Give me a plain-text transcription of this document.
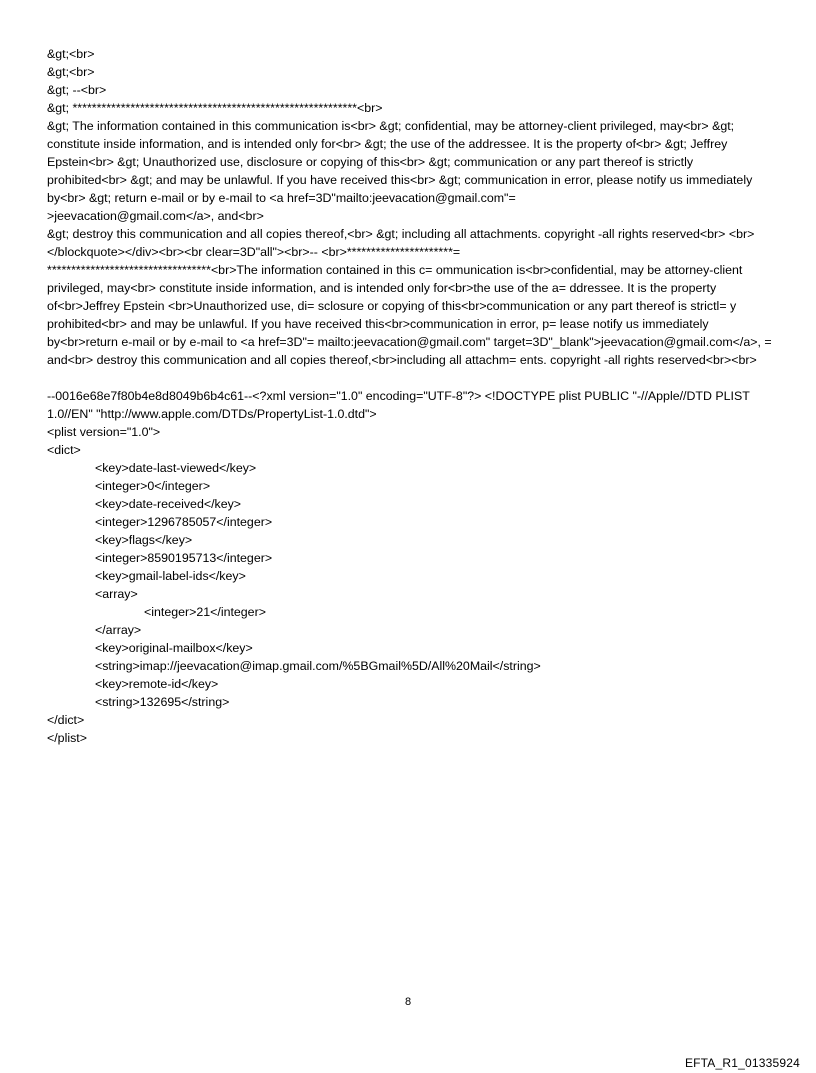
&gt;<br>

&gt;<br>

&gt; --<br>

&gt; ***********************************************************<br>

&gt; The information contained in this communication is<br> &gt; confidential, may be attorney-client privileged, may<br> &gt; constitute inside information, and is intended only for<br> &gt; the use of the addressee. It is the property of<br> &gt; Jeffrey Epstein<br> &gt; Unauthorized use, disclosure or copying of this<br> &gt; communication or any part thereof is strictly prohibited<br> &gt; and may be unlawful. If you have received this<br> &gt; communication in error, please notify us immediately by<br> &gt; return e-mail or by e-mail to <a href=3D"mailto:jeevacation@gmail.com"=

>jeevacation@gmail.com</a>, and<br>

&gt; destroy this communication and all copies thereof,<br> &gt; including all attachments. copyright -all rights reserved<br> <br> </blockquote></div><br><br clear=3D"all"><br>-- <br>**********************=

**********************************<br>The information contained in this c= ommunication is<br>confidential, may be attorney-client privileged, may<br> constitute inside information, and is intended only for<br>the use of the a= ddressee. It is the property of<br>Jeffrey Epstein <br>Unauthorized use, di= sclosure or copying of this<br>communication or any part thereof is strictl= y prohibited<br> and may be unlawful. If you have received this<br>communication in error, p= lease notify us immediately by<br>return e-mail or by e-mail to <a href=3D"= mailto:jeevacation@gmail.com" target=3D"_blank">jeevacation@gmail.com</a>, = and<br> destroy this communication and all copies thereof,<br>including all attachm= ents. copyright -all rights reserved<br><br>

--0016e68e7f80b4e8d8049b6b4c61--<?xml version="1.0" encoding="UTF-8"?> <!DOCTYPE plist PUBLIC "-//Apple//DTD PLIST 1.0//EN" "http://www.apple.com/DTDs/PropertyList-1.0.dtd">

<plist version="1.0">

<dict>

<key>date-last-viewed</key>

<integer>0</integer>

<key>date-received</key>

<integer>1296785057</integer>

<key>flags</key>

<integer>8590195713</integer>

<key>gmail-label-ids</key>

<array>

<integer>21</integer>

</array>

<key>original-mailbox</key>

<string>imap://jeevacation@imap.gmail.com/%5BGmail%5D/All%20Mail</string>

<key>remote-id</key>

<string>132695</string>

</dict>

</plist>

8
EFTA_R1_01335924
